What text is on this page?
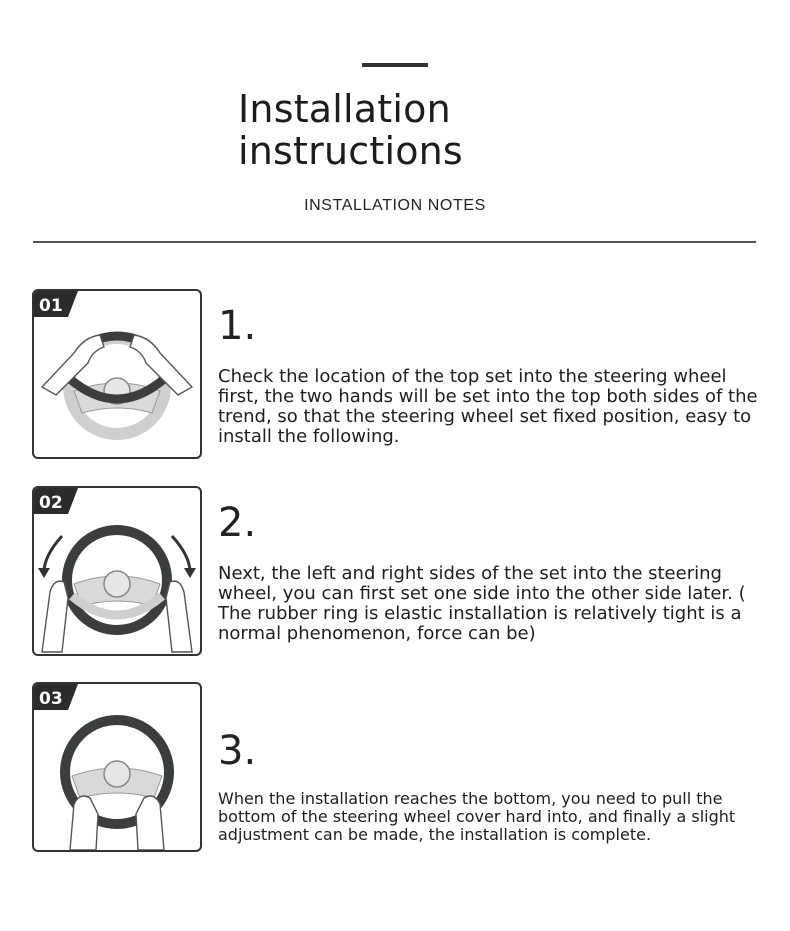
Installation
instructions
INSTALLATION NOTES
01	1.
Check the location of the top set into the steering wheel first, the two hands will be set into the top both sides of the trend, so that the steering wheel set fixed position, easy to install the following.
02	2.
Next, the left and right sides of the set into the steering wheel, you can first set one side into the other side later. ( The rubber ring is elastic installation is relatively tight is a normal phenomenon, force can be)
03
3.
When the installation reaches the bottom, you need to pull the bottom of the steering wheel cover hard into, and finally a slight adjustment can be made, the installation is complete.
